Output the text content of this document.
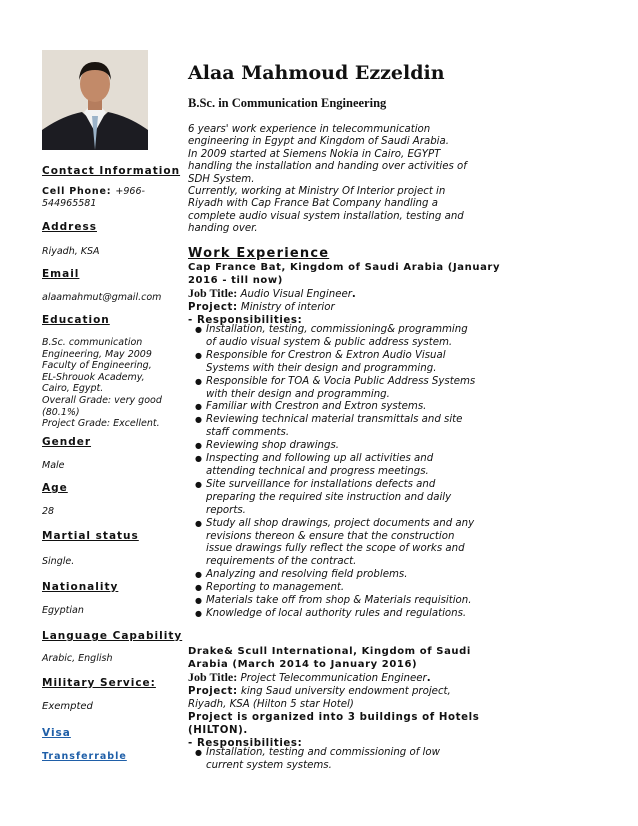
Contact Information
Cell Phone: +966-
544965581
Address
Riyadh, KSA
Email
alaamahmut@gmail.com
Education
B.Sc. communication
Engineering, May 2009
Faculty of Engineering,
EL-Shrouok Academy,
Cairo, Egypt.
Overall Grade: very good
(80.1%)
Project Grade: Excellent.
Gender
Male
Age
28
Martial status
Single.
Nationality
Egyptian
Language Capability
Arabic, English
Military Service:
Exempted
Visa
Transferrable
Alaa Mahmoud Ezzeldin
B.Sc. in Communication Engineering
6 years' work experience in telecommunication
engineering in Egypt and Kingdom of Saudi Arabia.
In 2009 started at Siemens Nokia in Cairo, EGYPT
handling the installation and handing over activities of
SDH System.
Currently, working at Ministry Of Interior project in
Riyadh with Cap France Bat Company handling a
complete audio visual system installation, testing and
handing over.
Work Experience
Cap France Bat, Kingdom of Saudi Arabia (January
2016 - till now)
Job Title: Audio Visual Engineer.
Project: Ministry of interior
- Responsibilities:
● Installation, testing, commissioning& programming
of audio visual system & public address system.
● Responsible for Crestron & Extron Audio Visual
Systems with their design and programming.
● Responsible for TOA & Vocia Public Address Systems
with their design and programming.
● Familiar with Crestron and Extron systems.
● Reviewing technical material transmittals and site
staff comments.
● Reviewing shop drawings.
● Inspecting and following up all activities and
attending technical and progress meetings.
● Site surveillance for installations defects and
preparing the required site instruction and daily
reports.
● Study all shop drawings, project documents and any
revisions thereon & ensure that the construction
issue drawings fully reflect the scope of works and
requirements of the contract.
● Analyzing and resolving field problems.
● Reporting to management.
● Materials take off from shop & Materials requisition.
● Knowledge of local authority rules and regulations.
Drake& Scull International, Kingdom of Saudi
Arabia (March 2014 to January 2016)
Job Title: Project Telecommunication Engineer.
Project: king Saud university endowment project,
Riyadh, KSA (Hilton 5 star Hotel)
Project is organized into 3 buildings of Hotels
(HILTON).
- Responsibilities:
● Installation, testing and commissioning of low
current system systems.
